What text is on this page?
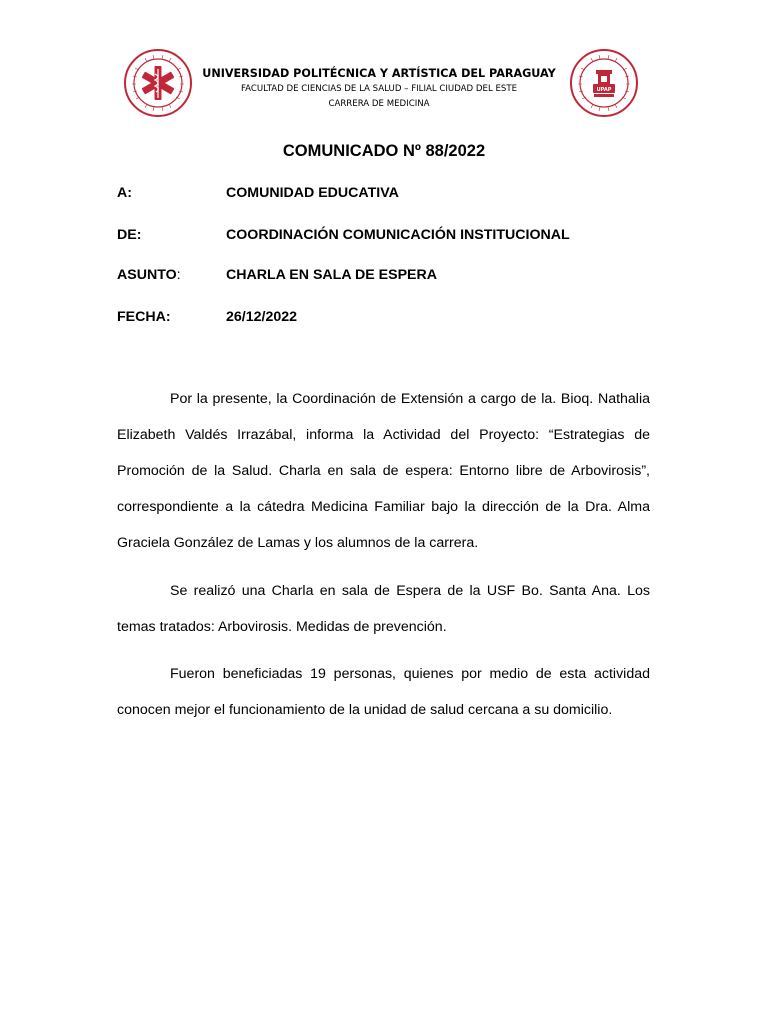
UNIVERSIDAD POLITÉCNICA Y ARTÍSTICA DEL PARAGUAY
FACULTAD DE CIENCIAS DE LA SALUD – FILIAL CIUDAD DEL ESTE
CARRERA DE MEDICINA
UPAP
COMUNICADO Nº 88/2022
A:	COMUNIDAD EDUCATIVA
DE:	COORDINACIÓN COMUNICACIÓN INSTITUCIONAL
ASUNTO:	CHARLA EN SALA DE ESPERA
FECHA:	26/12/2022
Por la presente, la Coordinación de Extensión a cargo de la. Bioq. Nathalia Elizabeth Valdés Irrazábal, informa la Actividad del Proyecto: “Estrategias de Promoción de la Salud. Charla en sala de espera: Entorno libre de Arbovirosis”, correspondiente a la cátedra Medicina Familiar bajo la dirección de la Dra. Alma Graciela González de Lamas y los alumnos de la carrera.
Se realizó una Charla en sala de Espera de la USF Bo. Santa Ana. Los temas tratados: Arbovirosis. Medidas de prevención.
Fueron beneficiadas 19 personas, quienes por medio de esta actividad conocen mejor el funcionamiento de la unidad de salud cercana a su domicilio.
